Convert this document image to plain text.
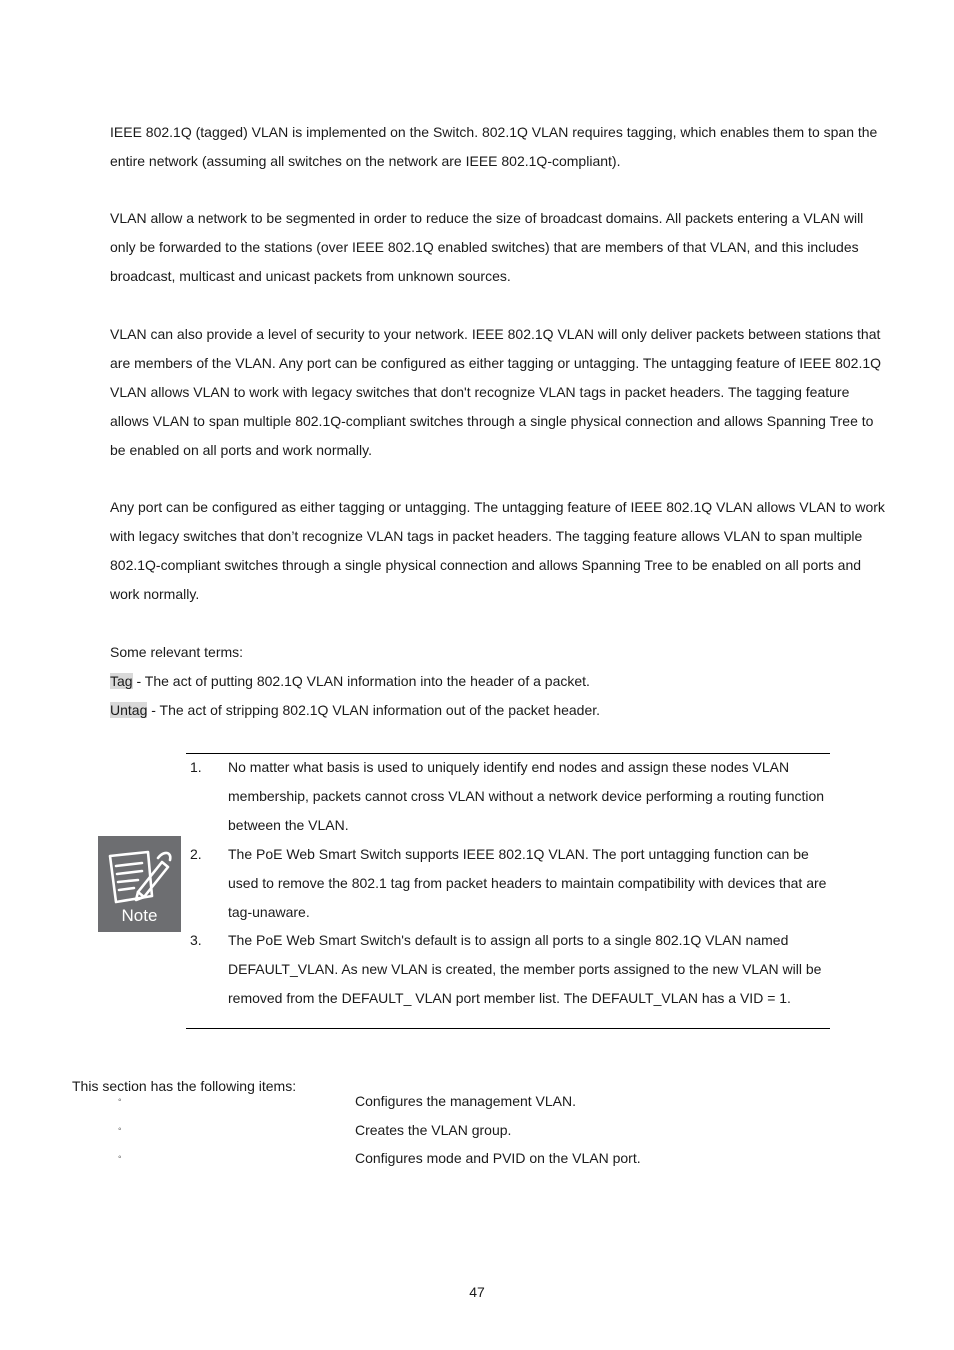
IEEE 802.1Q (tagged) VLAN is implemented on the Switch. 802.1Q VLAN requires tagging, which enables them to span the entire network (assuming all switches on the network are IEEE 802.1Q-compliant).

VLAN allow a network to be segmented in order to reduce the size of broadcast domains. All packets entering a VLAN will only be forwarded to the stations (over IEEE 802.1Q enabled switches) that are members of that VLAN, and this includes broadcast, multicast and unicast packets from unknown sources.

VLAN can also provide a level of security to your network. IEEE 802.1Q VLAN will only deliver packets between stations that are members of the VLAN. Any port can be configured as either tagging or untagging. The untagging feature of IEEE 802.1Q VLAN allows VLAN to work with legacy switches that don't recognize VLAN tags in packet headers. The tagging feature allows VLAN to span multiple 802.1Q-compliant switches through a single physical connection and allows Spanning Tree to be enabled on all ports and work normally.

Any port can be configured as either tagging or untagging. The untagging feature of IEEE 802.1Q VLAN allows VLAN to work with legacy switches that don’t recognize VLAN tags in packet headers. The tagging feature allows VLAN to span multiple 802.1Q-compliant switches through a single physical connection and allows Spanning Tree to be enabled on all ports and work normally.

Some relevant terms:

Tag - The act of putting 802.1Q VLAN information into the header of a packet.

Untag - The act of stripping 802.1Q VLAN information out of the packet header.

Note
1. No matter what basis is used to uniquely identify end nodes and assign these nodes VLAN membership, packets cannot cross VLAN without a network device performing a routing function between the VLAN.
2. The PoE Web Smart Switch supports IEEE 802.1Q VLAN. The port untagging function can be used to remove the 802.1 tag from packet headers to maintain compatibility with devices that are tag-unaware.
3. The PoE Web Smart Switch's default is to assign all ports to a single 802.1Q VLAN named DEFAULT_VLAN. As new VLAN is created, the member ports assigned to the new VLAN will be removed from the DEFAULT_ VLAN port member list. The DEFAULT_VLAN has a VID = 1.

This section has the following items:

◦	Configures the management VLAN.
◦	Creates the VLAN group.
◦	Configures mode and PVID on the VLAN port.
47
